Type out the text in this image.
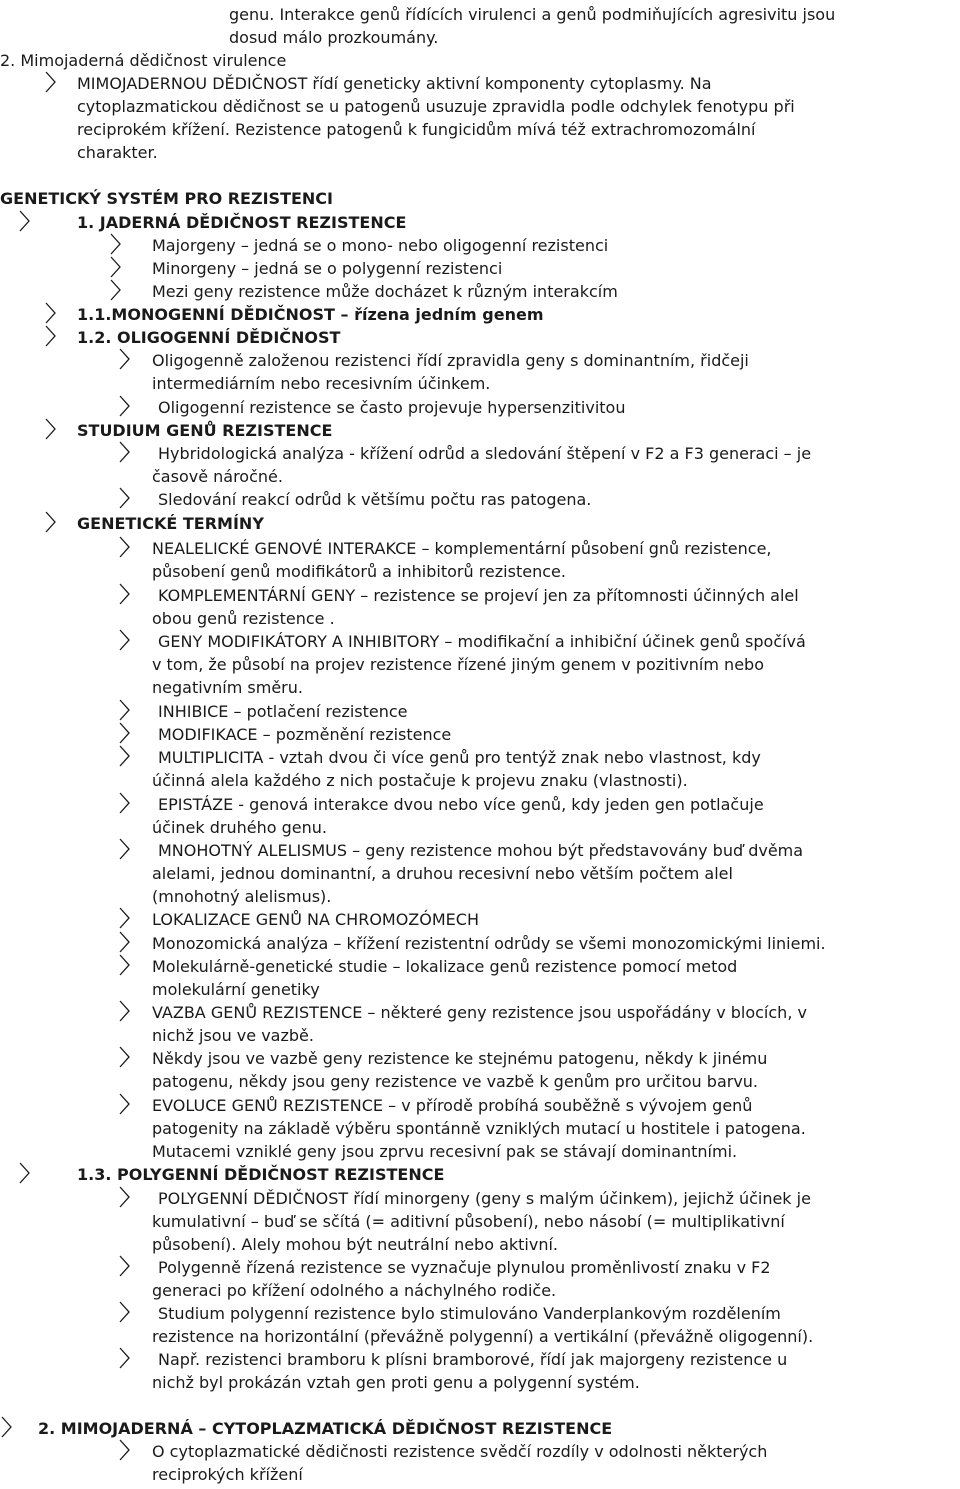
genu. Interakce genů řídících virulenci a genů podmiňujících agresivitu jsou
dosud málo prozkoumány.
2. Mimojaderná dědičnost virulence
MIMOJADERNOU DĚDIČNOST řídí geneticky aktivní komponenty cytoplasmy. Na
cytoplazmatickou dědičnost se u patogenů usuzuje zpravidla podle odchylek fenotypu při
reciprokém křížení. Rezistence patogenů k fungicidům mívá též extrachromozomální
charakter.
GENETICKÝ SYSTÉM PRO REZISTENCI
1. JADERNÁ DĚDIČNOST REZISTENCE
Majorgeny – jedná se o mono- nebo oligogenní rezistenci
Minorgeny – jedná se o polygenní rezistenci
Mezi geny rezistence může docházet k různým interakcím
1.1.MONOGENNÍ DĚDIČNOST – řízena jedním genem
1.2. OLIGOGENNÍ DĚDIČNOST
Oligogenně založenou rezistenci řídí zpravidla geny s dominantním, řidčeji
intermediárním nebo recesivním účinkem.
Oligogenní rezistence se často projevuje hypersenzitivitou
STUDIUM GENŮ REZISTENCE
Hybridologická analýza - křížení odrůd a sledování štěpení v F2 a F3 generaci – je
časově náročné.
Sledování reakcí odrůd k většímu počtu ras patogena.
GENETICKÉ TERMÍNY
NEALELICKÉ GENOVÉ INTERAKCE – komplementární působení gnů rezistence,
působení genů modifikátorů a inhibitorů rezistence.
KOMPLEMENTÁRNÍ GENY – rezistence se projeví jen za přítomnosti účinných alel
obou genů rezistence .
GENY MODIFIKÁTORY A INHIBITORY – modifikační a inhibiční účinek genů spočívá
v tom, že působí na projev rezistence řízené jiným genem v pozitivním nebo
negativním směru.
INHIBICE – potlačení rezistence
MODIFIKACE – pozměnění rezistence
MULTIPLICITA - vztah dvou či více genů pro tentýž znak nebo vlastnost, kdy
účinná alela každého z nich postačuje k projevu znaku (vlastnosti).
EPISTÁZE - genová interakce dvou nebo více genů, kdy jeden gen potlačuje
účinek druhého genu.
MNOHOTNÝ ALELISMUS – geny rezistence mohou být představovány buď dvěma
alelami, jednou dominantní, a druhou recesivní nebo větším počtem alel
(mnohotný alelismus).
LOKALIZACE GENŮ NA CHROMOZÓMECH
Monozomická analýza – křížení rezistentní odrůdy se všemi monozomickými liniemi.
Molekulárně-genetické studie – lokalizace genů rezistence pomocí metod
molekulární genetiky
VAZBA GENŮ REZISTENCE – některé geny rezistence jsou uspořádány v blocích, v
nichž jsou ve vazbě.
Někdy jsou ve vazbě geny rezistence ke stejnému patogenu, někdy k jinému
patogenu, někdy jsou geny rezistence ve vazbě k genům pro určitou barvu.
EVOLUCE GENŮ REZISTENCE – v přírodě probíhá souběžně s vývojem genů
patogenity na základě výběru spontánně vzniklých mutací u hostitele i patogena.
Mutacemi vzniklé geny jsou zprvu recesivní pak se stávají dominantními.
1.3. POLYGENNÍ DĚDIČNOST REZISTENCE
POLYGENNÍ DĚDIČNOST řídí minorgeny (geny s malým účinkem), jejichž účinek je
kumulativní – buď se sčítá (= aditivní působení), nebo násobí (= multiplikativní
působení). Alely mohou být neutrální nebo aktivní.
Polygenně řízená rezistence se vyznačuje plynulou proměnlivostí znaku v F2
generaci po křížení odolného a náchylného rodiče.
Studium polygenní rezistence bylo stimulováno Vanderplankovým rozdělením
rezistence na horizontální (převážně polygenní) a vertikální (převážně oligogenní).
Např. rezistenci bramboru k plísni bramborové, řídí jak majorgeny rezistence u
nichž byl prokázán vztah gen proti genu a polygenní systém.
2. MIMOJADERNÁ – CYTOPLAZMATICKÁ DĚDIČNOST REZISTENCE
O cytoplazmatické dědičnosti rezistence svědčí rozdíly v odolnosti některých
reciprokých křížení
